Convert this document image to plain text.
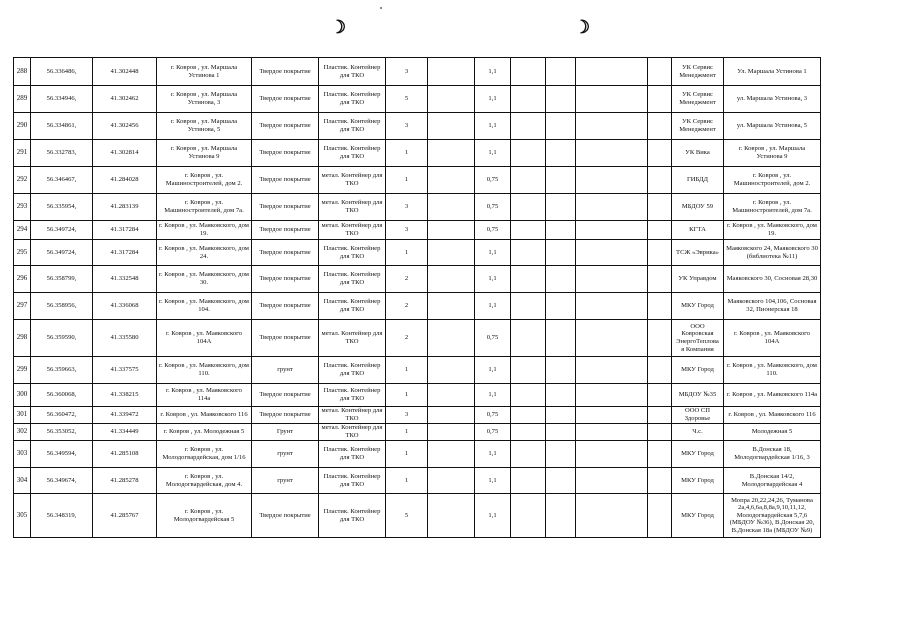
☽	☽
288	56.336486,	41.302448	г. Ковров , ул. Маршала Устинова 1	Твердое покрытие	Пластик. Контейнер для ТКО	3		1,1					УК Сервис Менеджмент	Ул. Маршала Устинова 1
289	56.334946,	41.302462	г. Ковров , ул. Маршала Устинова, 3	Твердое покрытие	Пластик. Контейнер для ТКО	5		1,1					УК Сервис Менеджмент	ул. Маршала Устинова, 3
290	56.334861,	41.302456	г. Ковров , ул. Маршала Устинова, 5	Твердое покрытие	Пластик. Контейнер для ТКО	3		1,1					УК Сервис Менеджмент	ул. Маршала Устинова, 5
291	56.332783,	41.302814	г. Ковров , ул. Маршала Устинова 9	Твердое покрытие	Пластик. Контейнер для ТКО	1		1,1					УК Вика	г. Ковров , ул. Маршала Устинова 9
292	56.346467,	41.284028	г. Ковров , ул. Машиностроителей, дом 2.	Твердое покрытие	метал. Контейнер для ТКО	1		0,75					ГИБДД	г. Ковров , ул. Машиностроителей, дом 2.
293	56.335954,	41.283139	г. Ковров , ул. Машиностроителей, дом 7а.	Твердое покрытие	метал. Контейнер для ТКО	3		0,75					МБДОУ 59	г. Ковров , ул. Машиностроителей, дом 7а.
294	56.349724,	41.317284	г. Ковров , ул. Маяковского, дом 19.	Твердое покрытие	метал. Контейнер для ТКО	3		0,75					КГТА	г. Ковров , ул. Маяковского, дом 19.
295	56.349724,	41.317284	г. Ковров , ул. Маяковского, дом 24.	Твердое покрытие	Пластик. Контейнер для ТКО	1		1,1					ТСЖ «Эврика»	Маяковского 24, Маяковского 30 (библиотека №11)
296	56.358799,	41.332548	г. Ковров , ул. Маяковского, дом 30.	Твердое покрытие	Пластик. Контейнер для ТКО	2		1,1					УК Управдом	Маяковского 30, Сосновая 28,30
297	56.358956,	41.336068	г. Ковров , ул. Маяковского, дом 104.	Твердое покрытие	Пластик. Контейнер для ТКО	2		1,1					МКУ Город	Маяковского 104,106, Сосновая 32, Пионерская 18
298	56.359590,	41.335580	г. Ковров , ул. Маяковского 104А	Твердое покрытие	метал. Контейнер для ТКО	2		0,75					ООО Ковровская ЭнергоТеплова я Компания	г. Ковров , ул. Маяковского 104А
299	56.359663,	41.337575	г. Ковров , ул. Маяковского, дом 110.	грунт	Пластик. Контейнер для ТКО	1		1,1					МКУ Город	г. Ковров , ул. Маяковского, дом 110.
300	56.360068,	41.338215	г. Ковров , ул. Маяковского 114а	Твердое покрытие	Пластик. Контейнер для ТКО	1		1,1					МБДОУ №35	г. Ковров , ул. Маяковского 114а
301	56.360472,	41.339472	г. Ковров , ул. Маяковского 116	Твердое покрытие	метал. Контейнер для ТКО	3		0,75					ООО СП Здоровье	г. Ковров , ул. Маяковского 116
302	56.353052,	41.334449	г. Ковров , ул. Молодежная 5	Грунт	метал. Контейнер для ТКО	1		0,75					Ч.с.	Молодежная 5
303	56.349594,	41.285108	г. Ковров , ул. Молодогвардейская, дом 1/16	грунт	Пластик. Контейнер для ТКО	1		1,1					МКУ Город	В.Донская 18, Молодогвардейская 1/16, 3
304	56.349674,	41.285278	г. Ковров , ул. Молодогвардейская, дом 4.	грунт	Пластик. Контейнер для ТКО	1		1,1					МКУ Город	В.Донская 14/2, Молодогвардейская 4
305	56.348319,	41.285767	г. Ковров , ул. Молодогвардейская 5	Твердое покрытие	Пластик. Контейнер для ТКО	5		1,1					МКУ Город	Мопра 20,22,24,26, Туманова 2а,4,6,6а,8,8а,9,10,11,12, Молодогвардейская 5,7,6 (МБДОУ №36), В.Донская 20, В.Донская 18а (МБДОУ №9)
